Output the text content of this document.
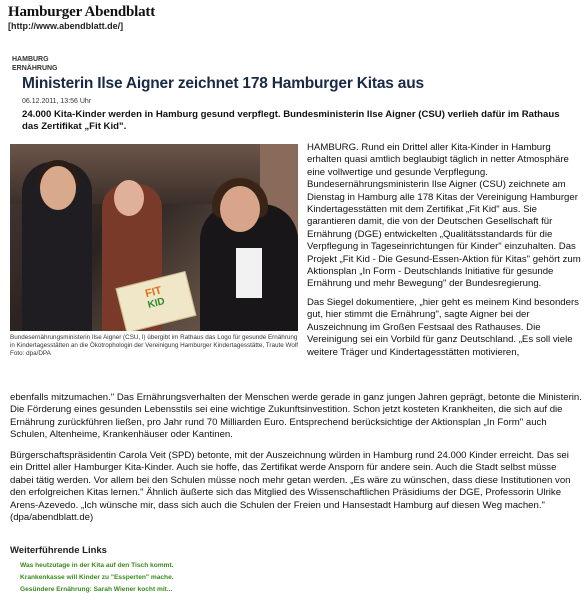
Hamburger Abendblatt
[http://www.abendblatt.de/]
HAMBURG
ERNÄHRUNG
Ministerin Ilse Aigner zeichnet 178 Hamburger Kitas aus
06.12.2011, 13:56 Uhr
24.000 Kita-Kinder werden in Hamburg gesund verpflegt. Bundesministerin Ilse Aigner (CSU) verlieh dafür im Rathaus das Zertifikat „Fit Kid".
FIT
KID
Bundesernährungsministerin Ilse Aigner (CSU, l) übergibt im Rathaus das Logo für gesunde Ernährung in Kindertagesstätten an die Ökotrophologin der Vereinigung Hamburger Kindertagesstätte, Traute Wolf
Foto: dpa/DPA

HAMBURG. Rund ein Drittel aller Kita-Kinder in Hamburg erhalten quasi amtlich beglaubigt täglich in netter Atmosphäre eine vollwertige und gesunde Verpflegung. Bundesernährungsministerin Ilse Aigner (CSU) zeichnete am Dienstag in Hamburg alle 178 Kitas der Vereinigung Hamburger Kindertagesstätten mit dem Zertifikat „Fit Kid" aus. Sie garantieren damit, die von der Deutschen Gesellschaft für Ernährung (DGE) entwickelten „Qualitätsstandards für die Verpflegung in Tageseinrichtungen für Kinder" einzuhalten. Das Projekt „Fit Kid - Die Gesund-Essen-Aktion für Kitas" gehört zum Aktionsplan „In Form - Deutschlands Initiative für gesunde Ernährung und mehr Bewegung" der Bundesregierung.

Das Siegel dokumentiere, „hier geht es meinem Kind besonders gut, hier stimmt die Ernährung", sagte Aigner bei der Auszeichnung im Großen Festsaal des Rathauses. Die Vereinigung sei ein Vorbild für ganz Deutschland. „Es soll viele weitere Träger und Kindertagesstätten motivieren,

ebenfalls mitzumachen." Das Ernährungsverhalten der Menschen werde gerade in ganz jungen Jahren geprägt, betonte die Ministerin. Die Förderung eines gesunden Lebensstils sei eine wichtige Zukunftsinvestition. Schon jetzt kosteten Krankheiten, die sich auf die Ernährung zurückführen ließen, pro Jahr rund 70 Milliarden Euro. Entsprechend berücksichtige der Aktionsplan „In Form" auch Schulen, Altenheime, Krankenhäuser oder Kantinen.
Bürgerschaftspräsidentin Carola Veit (SPD) betonte, mit der Auszeichnung würden in Hamburg rund 24.000 Kinder erreicht. Das sei ein Drittel aller Hamburger Kita-Kinder. Auch sie hoffe, das Zertifikat werde Ansporn für andere sein. Auch die Stadt selbst müsse dabei tätig werden. Vor allem bei den Schulen müsse noch mehr getan werden. „Es wäre zu wünschen, dass diese Institutionen von den erfolgreichen Kitas lernen." Ähnlich äußerte sich das Mitglied des Wissenschaftlichen Präsidiums der DGE, Professorin Ulrike Arens-Azevedo. „Ich wünsche mir, dass sich auch die Schulen der Freien und Hansestadt Hamburg auf diesen Weg machen." (dpa/abendblatt.de)
Weiterführende Links
Was heutzutage in der Kita auf den Tisch kommt.
Krankenkasse will Kinder zu "Essperten" mache.
Gesündere Ernährung: Sarah Wiener kocht mit...
